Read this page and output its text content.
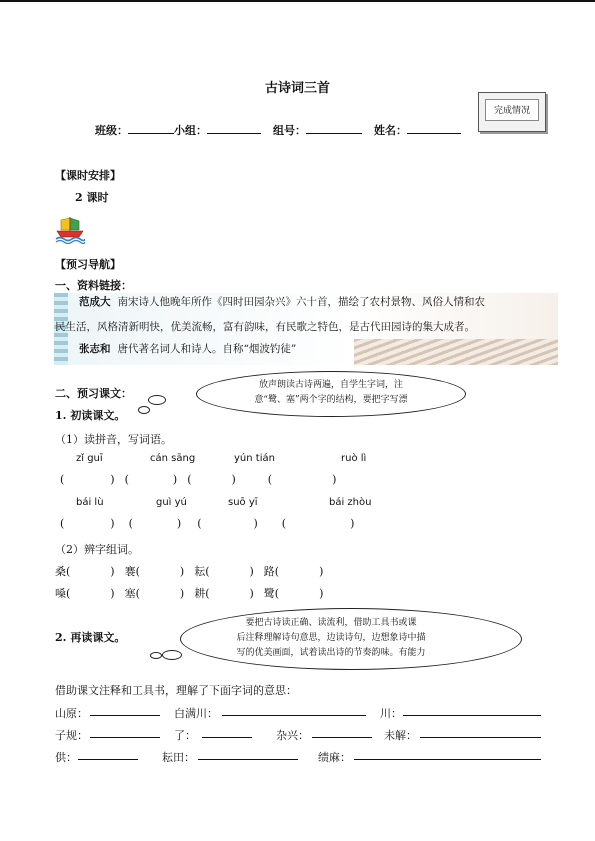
古诗词三首
完成情况
班级：	小组：	组号：	姓名：
【课时安排】
2 课时
【预习导航】
一、资料链接：
范成大 南宋诗人他晚年所作《四时田园杂兴》六十首，描绘了农村景物、风俗人情和农
民生活，风格清新明快，优美流畅，富有韵味，有民歌之特色，是古代田园诗的集大成者。
张志和 唐代著名词人和诗人。自称“烟波钓徒”
二、预习课文：
放声朗读古诗两遍，自学生字词，注
意“鹭、塞”两个字的结构，要把字写漂
1. 初读课文。
（1）读拼音，写词语。
zǐ guī	cán sāng	yún tián	ruò lì
(	) (	) (	)	(	)
bái lù	guì yú	suō yī	bái zhòu
(	) (	) (	) (	)
（2）辨字组词。
桑(	) 褰(	) 耘(	) 路(	)
嗓(	) 塞(	) 耕(	) 鹭(	)
2. 再读课文。
要把古诗读正确、读流利，借助工具书或课
后注释理解诗句意思，边读诗句，边想象诗中描
写的优美画面，试着读出诗的节奏韵味。有能力
借助课文注释和工具书，理解了下面字词的意思：
山原：	白满川：	川：
子规：	了：	杂兴：	未解：
供：	耘田：	绩麻：
